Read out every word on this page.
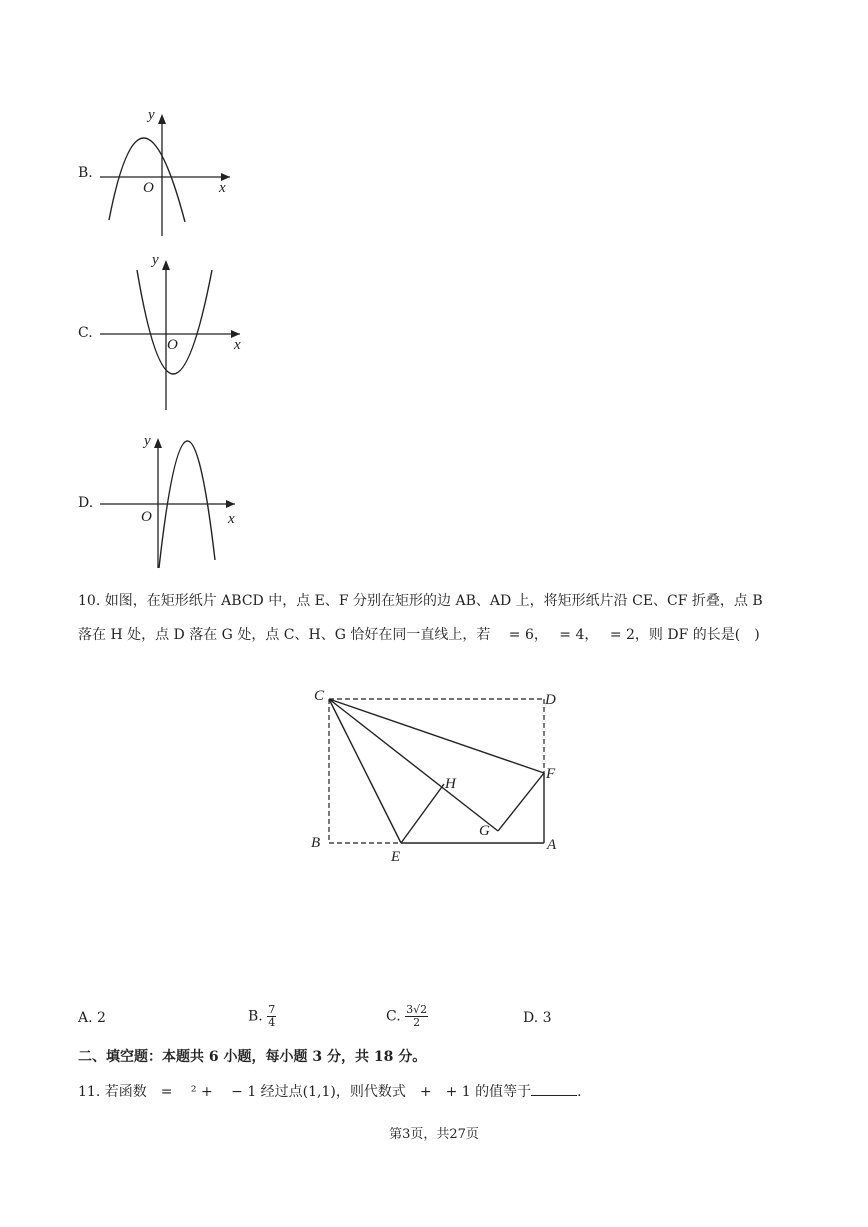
B.
y
x
O
C.
y
x
O
D.
y
x
O
10. 如图，在矩形纸片 ABCD 中，点 E、F 分别在矩形的边 AB、AD 上，将矩形纸片沿 CE、CF 折叠，点 B
落在 H 处，点 D 落在 G 处，点 C、H、G 恰好在同一直线上，若　 = 6，　 = 4，　 = 2，则 DF 的长是(　)
C	D
F
H
G
B
E
A
A. 2	B. $\frac{7}{4}$	C. $\frac{3√2}{2}$	D. 3
二、填空题：本题共 6 小题，每小题 3 分，共 18 分。
11. 若函数　=　 ² +　 − 1 经过点(1,1)，则代数式　+　+ 1 的值等于	.
第3页，共27页
